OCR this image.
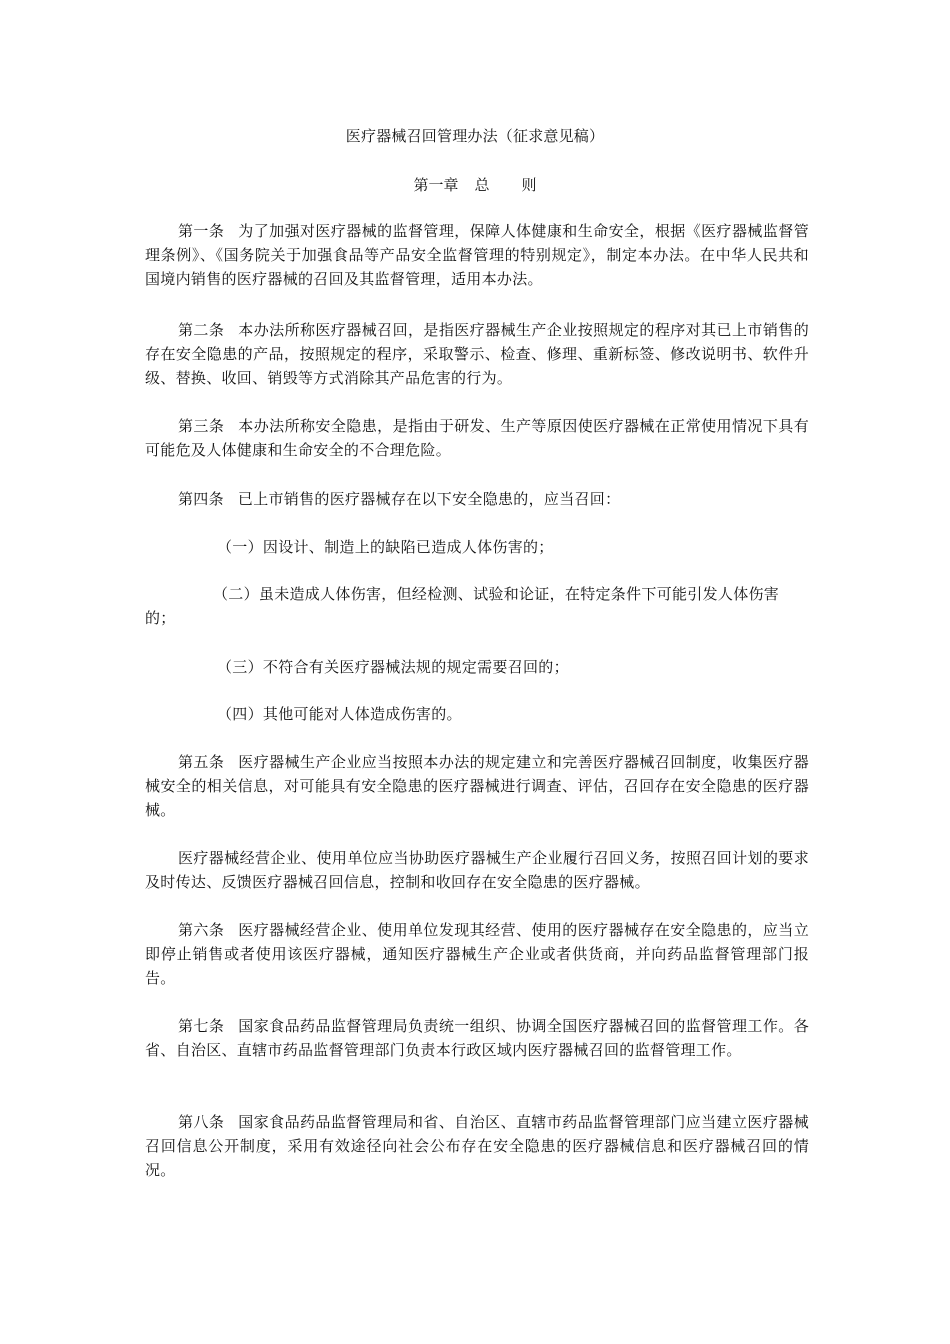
医疗器械召回管理办法（征求意见稿）
第一章 总 则

第一条 为了加强对医疗器械的监督管理，保障人体健康和生命安全，根据《医疗器械监督管理条例》、《国务院关于加强食品等产品安全监督管理的特别规定》，制定本办法。在中华人民共和国境内销售的医疗器械的召回及其监督管理，适用本办法。

第二条 本办法所称医疗器械召回，是指医疗器械生产企业按照规定的程序对其已上市销售的存在安全隐患的产品，按照规定的程序，采取警示、检查、修理、重新标签、修改说明书、软件升级、替换、收回、销毁等方式消除其产品危害的行为。

第三条 本办法所称安全隐患，是指由于研发、生产等原因使医疗器械在正常使用情况下具有可能危及人体健康和生命安全的不合理危险。

第四条 已上市销售的医疗器械存在以下安全隐患的，应当召回：

（一）因设计、制造上的缺陷已造成人体伤害的；

（二）虽未造成人体伤害，但经检测、试验和论证，在特定条件下可能引发人体伤害的；

（三）不符合有关医疗器械法规的规定需要召回的；

（四）其他可能对人体造成伤害的。

第五条 医疗器械生产企业应当按照本办法的规定建立和完善医疗器械召回制度，收集医疗器械安全的相关信息，对可能具有安全隐患的医疗器械进行调查、评估，召回存在安全隐患的医疗器械。

医疗器械经营企业、使用单位应当协助医疗器械生产企业履行召回义务，按照召回计划的要求及时传达、反馈医疗器械召回信息，控制和收回存在安全隐患的医疗器械。

第六条 医疗器械经营企业、使用单位发现其经营、使用的医疗器械存在安全隐患的，应当立即停止销售或者使用该医疗器械，通知医疗器械生产企业或者供货商，并向药品监督管理部门报告。

第七条 国家食品药品监督管理局负责统一组织、协调全国医疗器械召回的监督管理工作。各省、自治区、直辖市药品监督管理部门负责本行政区域内医疗器械召回的监督管理工作。

第八条 国家食品药品监督管理局和省、自治区、直辖市药品监督管理部门应当建立医疗器械召回信息公开制度，采用有效途径向社会公布存在安全隐患的医疗器械信息和医疗器械召回的情况。
